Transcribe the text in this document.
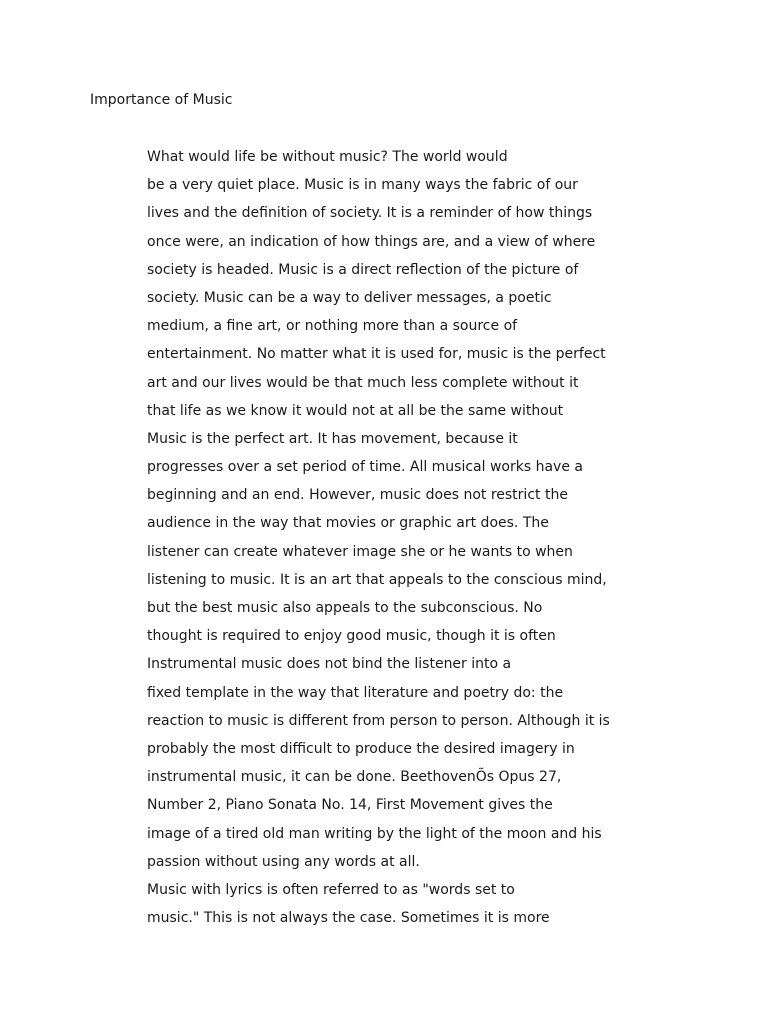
Importance of Music
What would life be without music? The world would
be a very quiet place. Music is in many ways the fabric of our
lives and the definition of society. It is a reminder of how things
once were, an indication of how things are, and a view of where
society is headed. Music is a direct reflection of the picture of
society. Music can be a way to deliver messages, a poetic
medium, a fine art, or nothing more than a source of
entertainment. No matter what it is used for, music is the perfect
art and our lives would be that much less complete without it
that life as we know it would not at all be the same without
Music is the perfect art. It has movement, because it
progresses over a set period of time. All musical works have a
beginning and an end. However, music does not restrict the
audience in the way that movies or graphic art does. The
listener can create whatever image she or he wants to when
listening to music. It is an art that appeals to the conscious mind,
but the best music also appeals to the subconscious. No
thought is required to enjoy good music, though it is often
Instrumental music does not bind the listener into a
fixed template in the way that literature and poetry do: the
reaction to music is different from person to person. Although it is
probably the most difficult to produce the desired imagery in
instrumental music, it can be done. BeethovenÕs Opus 27,
Number 2, Piano Sonata No. 14, First Movement gives the
image of a tired old man writing by the light of the moon and his
passion without using any words at all.
Music with lyrics is often referred to as "words set to
music." This is not always the case. Sometimes it is more
